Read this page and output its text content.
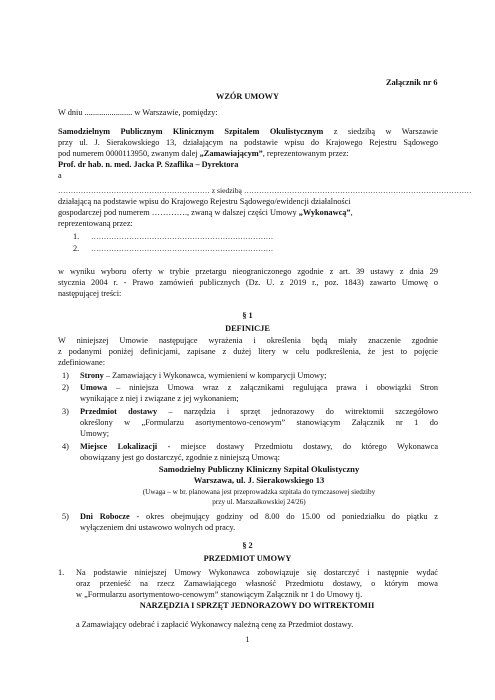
Załącznik nr 6
WZÓR UMOWY
W dniu ....................... w Warszawie, pomiędzy:
Samodzielnym Publicznym Klinicznym Szpitalem Okulistycznym z siedzibą w Warszawie
przy ul. J. Sierakowskiego 13, działającym na podstawie wpisu do Krajowego Rejestru Sądowego
pod numerem 0000113950, zwanym dalej „Zamawiającym”, reprezentowanym przez:
Prof. dr hab. n. med. Jacka P. Szaflika – Dyrektora
a
…………………………………………………… z siedzibą ………………………………………………………………………………
działającą na podstawie wpisu do Krajowego Rejestru Sądowego/ewidencji działalności
gospodarczej pod numerem …………., zwaną w dalszej części Umowy „Wykonawcą”,
reprezentowaną przez:
1. ………………………………………………………………
2. ………………………………………………………………
w wyniku wyboru oferty w trybie przetargu nieograniczonego zgodnie z art. 39 ustawy z dnia 29
stycznia 2004 r. - Prawo zamówień publicznych (Dz. U. z 2019 r., poz. 1843) zawarto Umowę o
następującej treści:
§ 1
DEFINICJE
W niniejszej Umowie następujące wyrażenia i określenia będą miały znaczenie zgodnie
z podanymi poniżej definicjami, zapisane z dużej litery w celu podkreślenia, że jest to pojęcie
zdefiniowane:
1) Strony – Zamawiający i Wykonawca, wymienieni w komparycji Umowy;
2) Umowa – niniejsza Umowa wraz z załącznikami regulująca prawa i obowiązki Stron
wynikające z niej i związane z jej wykonaniem;
3) Przedmiot dostawy – narzędzia i sprzęt jednorazowy do witrektomii szczegółowo
określony w „Formularzu asortymentowo-cenowym” stanowiącym Załącznik nr 1 do
Umowy;
4) Miejsce Lokalizacji - miejsce dostawy Przedmiotu dostawy, do którego Wykonawca
obowiązany jest go dostarczyć, zgodnie z niniejszą Umową:
Samodzielny Publiczny Kliniczny Szpital Okulistyczny
Warszawa, ul. J. Sierakowskiego 13
(Uwaga – w br. planowana jest przeprowadzka szpitala do tymczasowej siedziby
przy ul. Marszałkowskiej 24/26)
5) Dni Robocze - okres obejmujący godziny od 8.00 do 15.00 od poniedziałku do piątku z
wyłączeniem dni ustawowo wolnych od pracy.
§ 2
PRZEDMIOT UMOWY
1. Na podstawie niniejszej Umowy Wykonawca zobowiązuje się dostarczyć i następnie wydać
oraz przenieść na rzecz Zamawiającego własność Przedmiotu dostawy, o którym mowa
w „Formularzu asortymentowo-cenowym” stanowiącym Załącznik nr 1 do Umowy tj.
NARZĘDZIA I SPRZĘT JEDNORAZOWY DO WITREKTOMII
a Zamawiający odebrać i zapłacić Wykonawcy należną cenę za Przedmiot dostawy.
1
